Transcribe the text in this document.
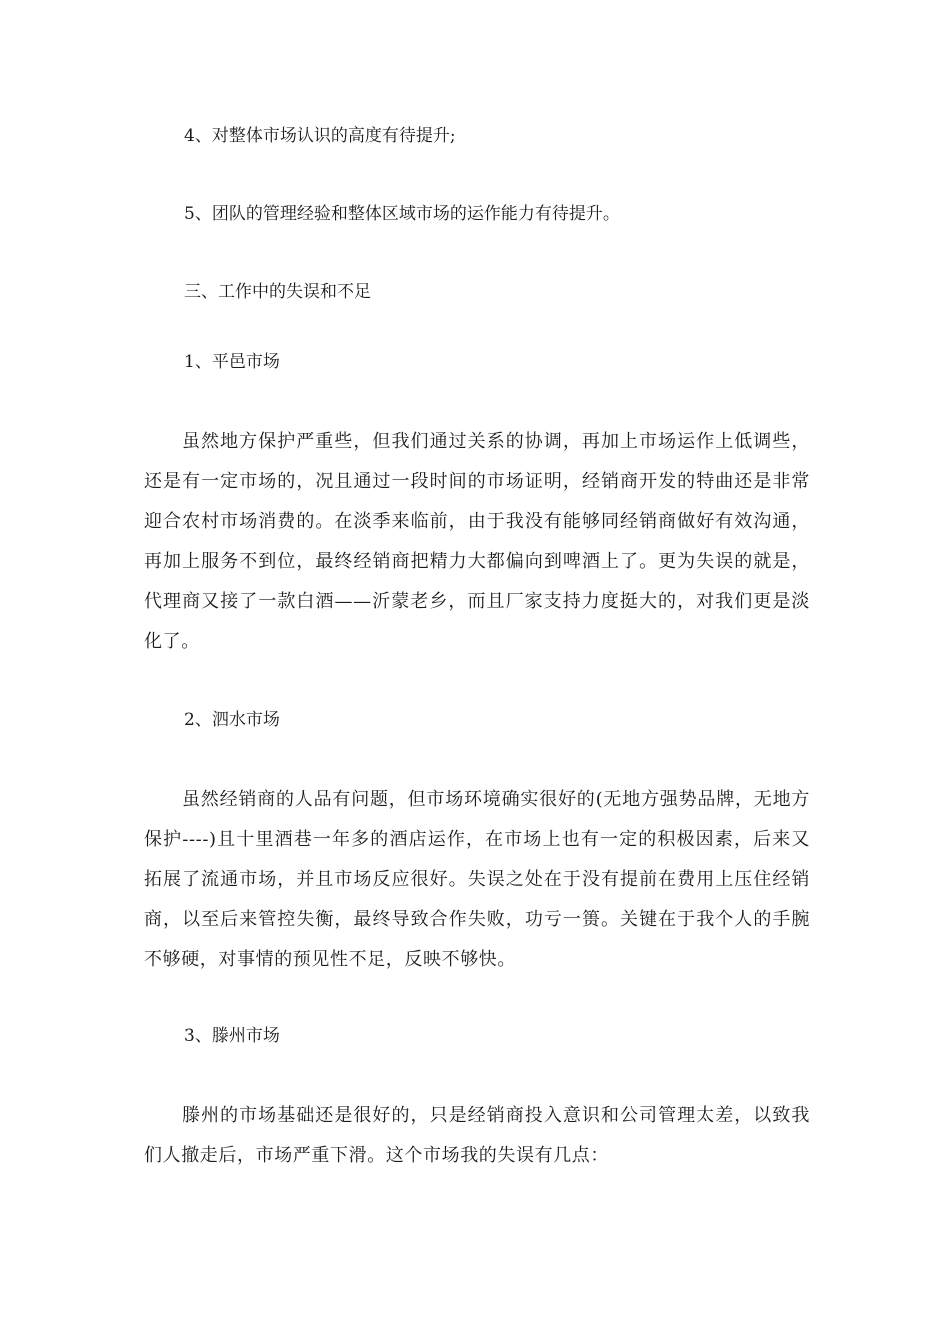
4、对整体市场认识的高度有待提升;
5、团队的管理经验和整体区域市场的运作能力有待提升。
三、工作中的失误和不足
1、平邑市场
虽然地方保护严重些，但我们通过关系的协调，再加上市场运作上低调些，还是有一定市场的，况且通过一段时间的市场证明，经销商开发的特曲还是非常迎合农村市场消费的。在淡季来临前，由于我没有能够同经销商做好有效沟通，再加上服务不到位，最终经销商把精力大都偏向到啤酒上了。更为失误的就是，代理商又接了一款白酒——沂蒙老乡，而且厂家支持力度挺大的，对我们更是淡化了。
2、泗水市场
虽然经销商的人品有问题，但市场环境确实很好的(无地方强势品牌，无地方保护----)且十里酒巷一年多的酒店运作，在市场上也有一定的积极因素，后来又拓展了流通市场，并且市场反应很好。失误之处在于没有提前在费用上压住经销商，以至后来管控失衡，最终导致合作失败，功亏一篑。关键在于我个人的手腕不够硬，对事情的预见性不足，反映不够快。
3、滕州市场
滕州的市场基础还是很好的，只是经销商投入意识和公司管理太差，以致我们人撤走后，市场严重下滑。这个市场我的失误有几点：
